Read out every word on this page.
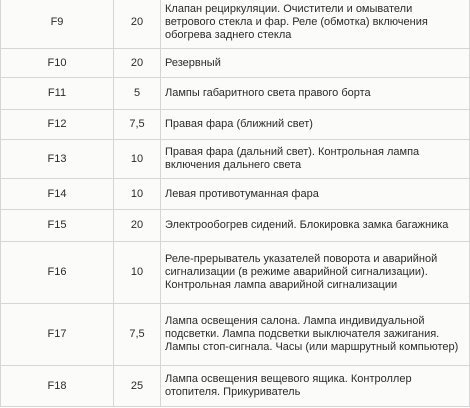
F9	20	Клапан рециркуляции. Очистители и омыватели ветрового стекла и фар. Реле (обмотка) включения обогрева заднего стекла
F10	20	Резервный
F11	5	Лампы габаритного света правого борта
F12	7,5	Правая фара (ближний свет)
F13	10	Правая фара (дальний свет). Контрольная лампа включения дальнего света
F14	10	Левая противотуманная фара
F15	20	Электрообогрев сидений. Блокировка замка багажника
F16	10	Реле-прерыватель указателей поворота и аварийной сигнализации (в режиме аварийной сигнализации). Контрольная лампа аварийной сигнализации
F17	7,5	Лампа освещения салона. Лампа индивидуальной подсветки. Лампа подсветки выключателя зажигания. Лампы стоп-сигнала. Часы (или маршрутный компьютер)
F18	25	Лампа освещения вещевого ящика. Контроллер отопителя. Прикуриватель
